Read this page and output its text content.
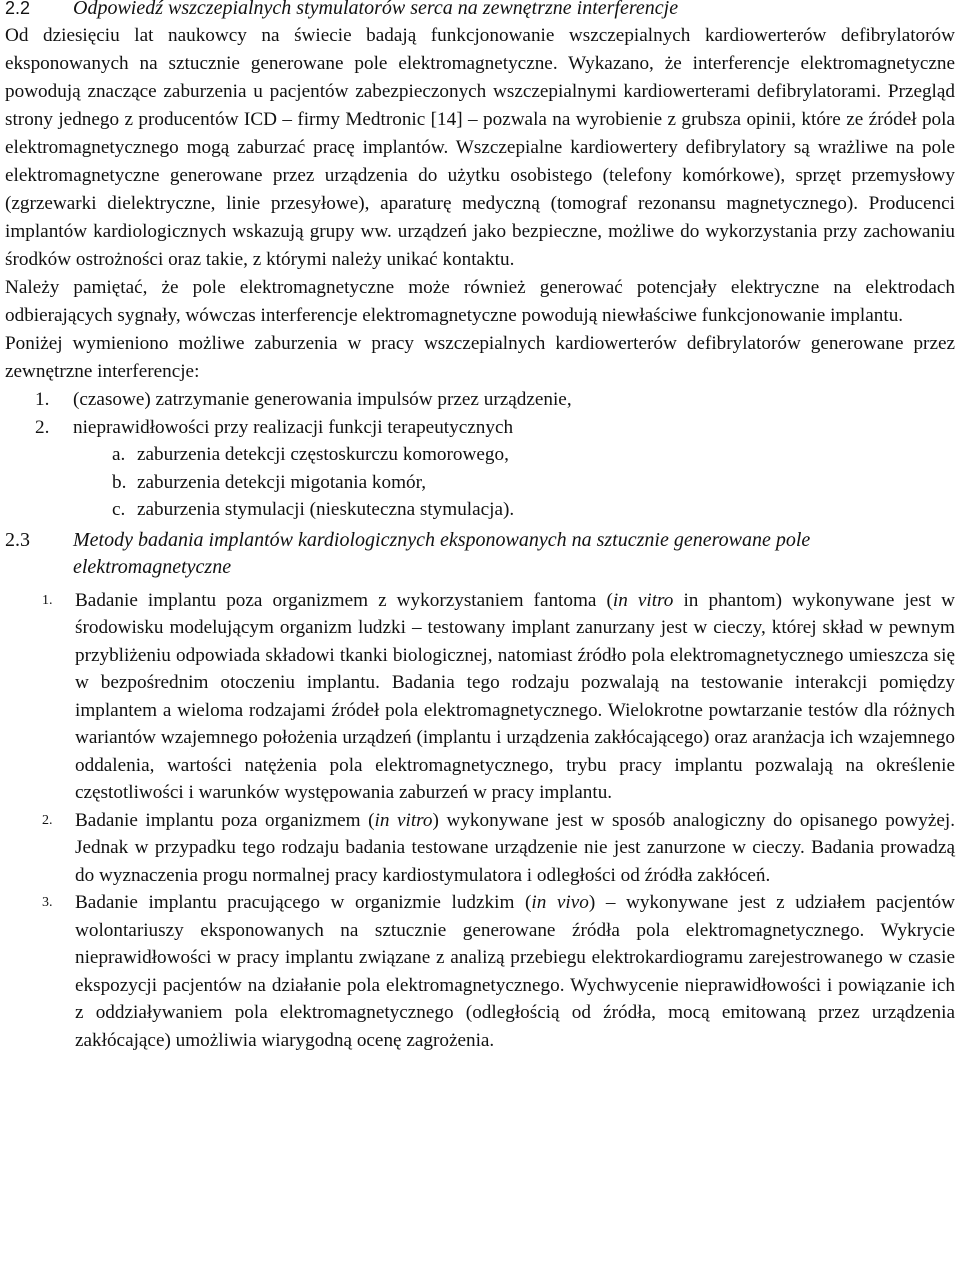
2.2	Odpowiedź wszczepialnych stymulatorów serca na zewnętrzne interferencje

Od dziesięciu lat naukowcy na świecie badają funkcjonowanie wszczepialnych kardiowerterów defibrylatorów eksponowanych na sztucznie generowane pole elektromagnetyczne. Wykazano, że interferencje elektromagnetyczne powodują znaczące zaburzenia u pacjentów zabezpieczonych wszczepialnymi kardiowerterami defibrylatorami. Przegląd strony jednego z producentów ICD – firmy Medtronic [14] – pozwala na wyrobienie z grubsza opinii, które ze źródeł pola elektromagnetycznego mogą zaburzać pracę implantów. Wszczepialne kardiowertery defibrylatory są wrażliwe na pole elektromagnetyczne generowane przez urządzenia do użytku osobistego (telefony komórkowe), sprzęt przemysłowy (zgrzewarki dielektryczne, linie przesyłowe), aparaturę medyczną (tomograf rezonansu magnetycznego). Producenci implantów kardiologicznych wskazują grupy ww. urządzeń jako bezpieczne, możliwe do wykorzystania przy zachowaniu środków ostrożności oraz takie, z którymi należy unikać kontaktu.

Należy pamiętać, że pole elektromagnetyczne może również generować potencjały elektryczne na elektrodach odbierających sygnały, wówczas interferencje elektromagnetyczne powodują niewłaściwe funkcjonowanie implantu.

Poniżej wymieniono możliwe zaburzenia w pracy wszczepialnych kardiowerterów defibrylatorów generowane przez zewnętrzne interferencje:

1.	(czasowe) zatrzymanie generowania impulsów przez urządzenie,
2.	nieprawidłowości przy realizacji funkcji terapeutycznych
a. zaburzenia detekcji częstoskurczu komorowego,
b. zaburzenia detekcji migotania komór,
c. zaburzenia stymulacji (nieskuteczna stymulacja).
2.3	Metody badania implantów kardiologicznych eksponowanych na sztucznie generowane pole elektromagnetyczne
1.	Badanie implantu poza organizmem z wykorzystaniem fantoma (in vitro in phantom) wykonywane jest w środowisku modelującym organizm ludzki – testowany implant zanurzany jest w cieczy, której skład w pewnym przybliżeniu odpowiada składowi tkanki biologicznej, natomiast źródło pola elektromagnetycznego umieszcza się w bezpośrednim otoczeniu implantu. Badania tego rodzaju pozwalają na testowanie interakcji pomiędzy implantem a wieloma rodzajami źródeł pola elektromagnetycznego. Wielokrotne powtarzanie testów dla różnych wariantów wzajemnego położenia urządzeń (implantu i urządzenia zakłócającego) oraz aranżacja ich wzajemnego oddalenia, wartości natężenia pola elektromagnetycznego, trybu pracy implantu pozwalają na określenie częstotliwości i warunków występowania zaburzeń w pracy implantu.
2.	Badanie implantu poza organizmem (in vitro) wykonywane jest w sposób analogiczny do opisanego powyżej. Jednak w przypadku tego rodzaju badania testowane urządzenie nie jest zanurzone w cieczy. Badania prowadzą do wyznaczenia progu normalnej pracy kardiostymulatora i odległości od źródła zakłóceń.
3.	Badanie implantu pracującego w organizmie ludzkim (in vivo) – wykonywane jest z udziałem pacjentów wolontariuszy eksponowanych na sztucznie generowane źródła pola elektromagnetycznego. Wykrycie nieprawidłowości w pracy implantu związane z analizą przebiegu elektrokardiogramu zarejestrowanego w czasie ekspozycji pacjentów na działanie pola elektromagnetycznego. Wychwycenie nieprawidłowości i powiązanie ich z oddziaływaniem pola elektromagnetycznego (odległością od źródła, mocą emitowaną przez urządzenia zakłócające) umożliwia wiarygodną ocenę zagrożenia.
